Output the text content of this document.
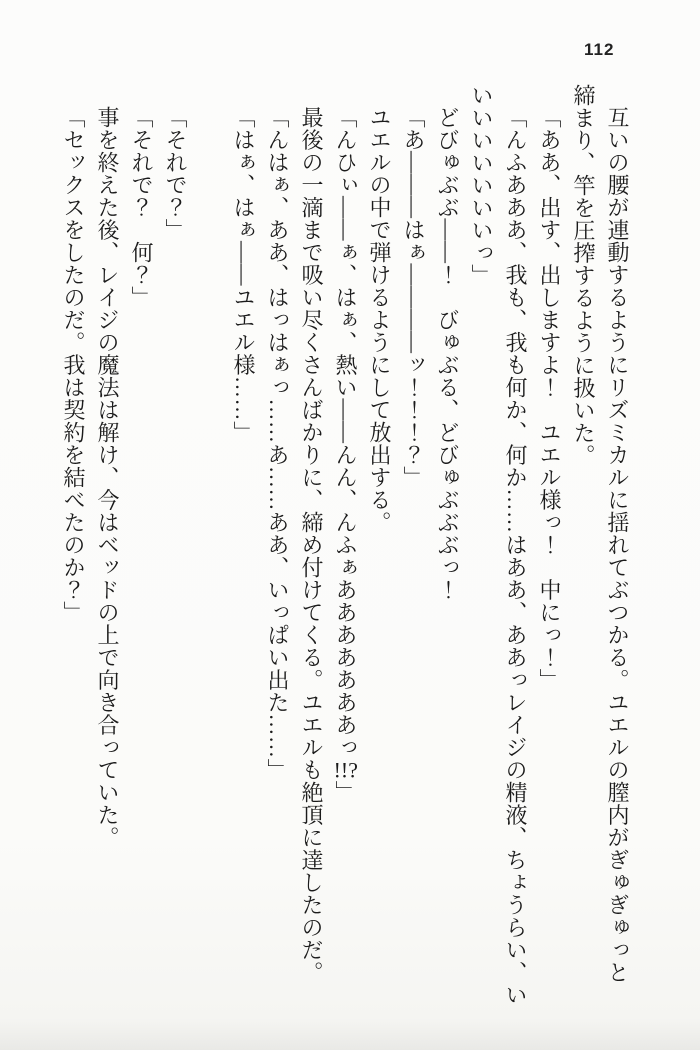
112

互いの腰が連動するようにリズミカルに揺れてぶつかる。ユエルの膣内がぎゅぎゅっと

締まり、竿を圧搾するように扱いた。

「ああ、出す、出しますよ！　ユエル様っ！　中にっ！」

「んふあああ、我も、我も何か、何か……はああ、ああっレイジの精液、ちょうらい、い

いいいいいいいっ」

どびゅぶぶ――！　びゅぶる、どびゅぶぶぶっ！

「あ―――はぁ――――ッ！！！？」

ユエルの中で弾けるようにして放出する。

「んひぃ――ぁ、はぁ、熱い――んん、んふぁあああああああっ!!?」

最後の一滴まで吸い尽くさんばかりに、締め付けてくる。ユエルも絶頂に達したのだ。

「んはぁ、ああ、はっはぁっ……あ……ああ、いっぱい出た……」

「はぁ、はぁ――ユエル様……」

「それで？」

「それで？　何？」

事を終えた後、レイジの魔法は解け、今はベッドの上で向き合っていた。

「セックスをしたのだ。我は契約を結べたのか？」
